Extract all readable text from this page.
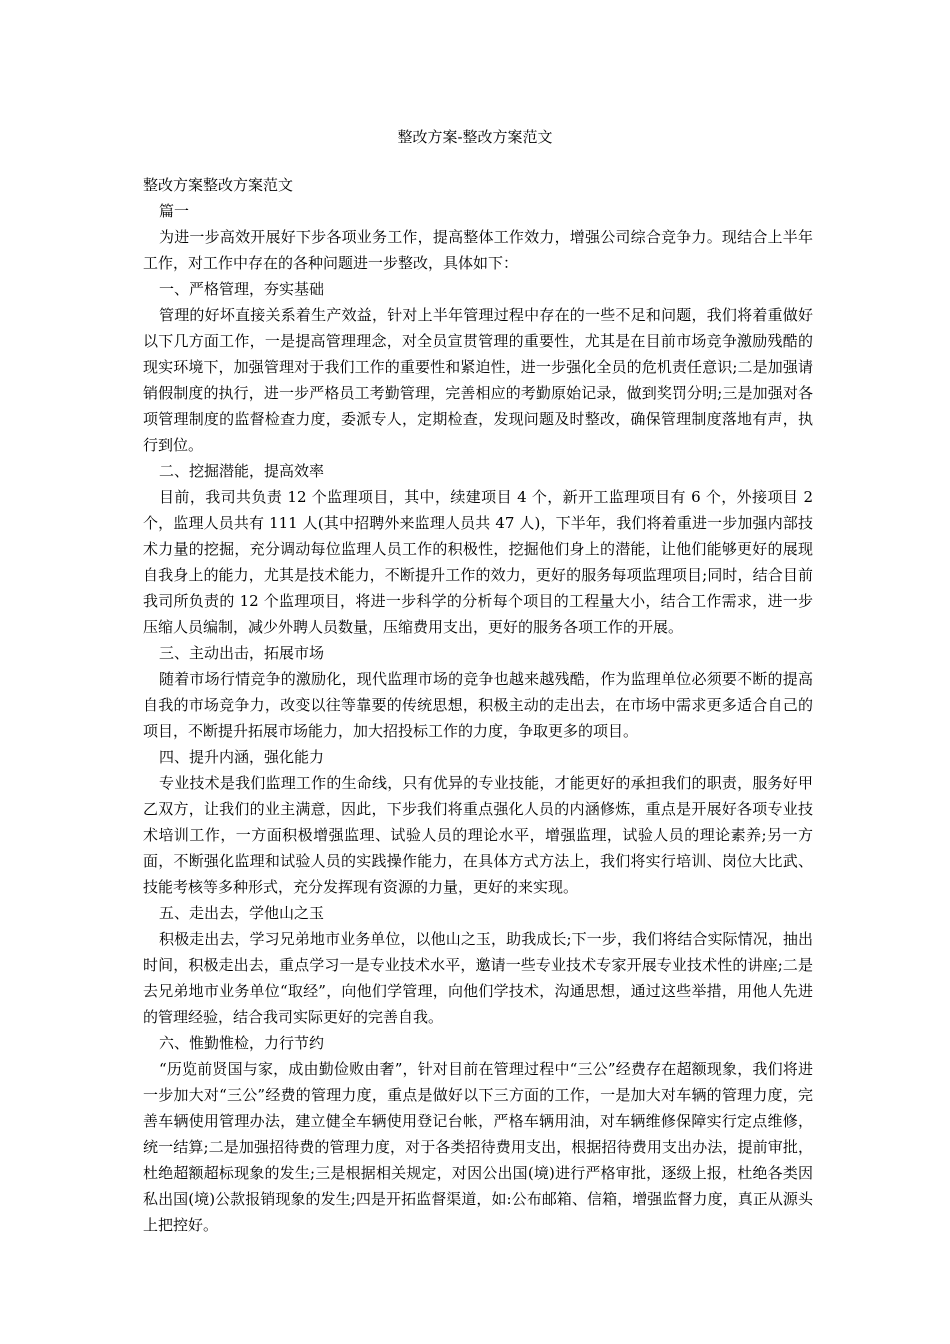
整改方案-整改方案范文

整改方案整改方案范文

篇一

为进一步高效开展好下步各项业务工作，提高整体工作效力，增强公司综合竞争力。现结合上半年工作，对工作中存在的各种问题进一步整改，具体如下：

一、严格管理，夯实基础

管理的好坏直接关系着生产效益，针对上半年管理过程中存在的一些不足和问题，我们将着重做好以下几方面工作，一是提高管理理念，对全员宣贯管理的重要性，尤其是在目前市场竞争激励残酷的现实环境下，加强管理对于我们工作的重要性和紧迫性，进一步强化全员的危机责任意识;二是加强请销假制度的执行，进一步严格员工考勤管理，完善相应的考勤原始记录，做到奖罚分明;三是加强对各项管理制度的监督检查力度，委派专人，定期检查，发现问题及时整改，确保管理制度落地有声，执行到位。

二、挖掘潜能，提高效率

目前，我司共负责 12 个监理项目，其中，续建项目 4 个，新开工监理项目有 6 个，外接项目 2 个，监理人员共有 111 人(其中招聘外来监理人员共 47 人)，下半年，我们将着重进一步加强内部技术力量的挖掘，充分调动每位监理人员工作的积极性，挖掘他们身上的潜能，让他们能够更好的展现自我身上的能力，尤其是技术能力，不断提升工作的效力，更好的服务每项监理项目;同时，结合目前我司所负责的 12 个监理项目，将进一步科学的分析每个项目的工程量大小，结合工作需求，进一步压缩人员编制，减少外聘人员数量，压缩费用支出，更好的服务各项工作的开展。

三、主动出击，拓展市场

随着市场行情竞争的激励化，现代监理市场的竞争也越来越残酷，作为监理单位必须要不断的提高自我的市场竞争力，改变以往等靠要的传统思想，积极主动的走出去，在市场中需求更多适合自己的项目，不断提升拓展市场能力，加大招投标工作的力度，争取更多的项目。

四、提升内涵，强化能力

专业技术是我们监理工作的生命线，只有优异的专业技能，才能更好的承担我们的职责，服务好甲乙双方，让我们的业主满意，因此，下步我们将重点强化人员的内涵修炼，重点是开展好各项专业技术培训工作，一方面积极增强监理、试验人员的理论水平，增强监理，试验人员的理论素养;另一方面，不断强化监理和试验人员的实践操作能力，在具体方式方法上，我们将实行培训、岗位大比武、技能考核等多种形式，充分发挥现有资源的力量，更好的来实现。

五、走出去，学他山之玉

积极走出去，学习兄弟地市业务单位，以他山之玉，助我成长;下一步，我们将结合实际情况，抽出时间，积极走出去，重点学习一是专业技术水平，邀请一些专业技术专家开展专业技术性的讲座;二是去兄弟地市业务单位“取经”，向他们学管理，向他们学技术，沟通思想，通过这些举措，用他人先进的管理经验，结合我司实际更好的完善自我。

六、惟勤惟检，力行节约

“历览前贤国与家，成由勤俭败由奢”，针对目前在管理过程中“三公”经费存在超额现象，我们将进一步加大对“三公”经费的管理力度，重点是做好以下三方面的工作，一是加大对车辆的管理力度，完善车辆使用管理办法，建立健全车辆使用登记台帐，严格车辆用油，对车辆维修保障实行定点维修，统一结算;二是加强招待费的管理力度，对于各类招待费用支出，根据招待费用支出办法，提前审批，杜绝超额超标现象的发生;三是根据相关规定，对因公出国(境)进行严格审批，逐级上报，杜绝各类因私出国(境)公款报销现象的发生;四是开拓监督渠道，如:公布邮箱、信箱，增强监督力度，真正从源头上把控好。
